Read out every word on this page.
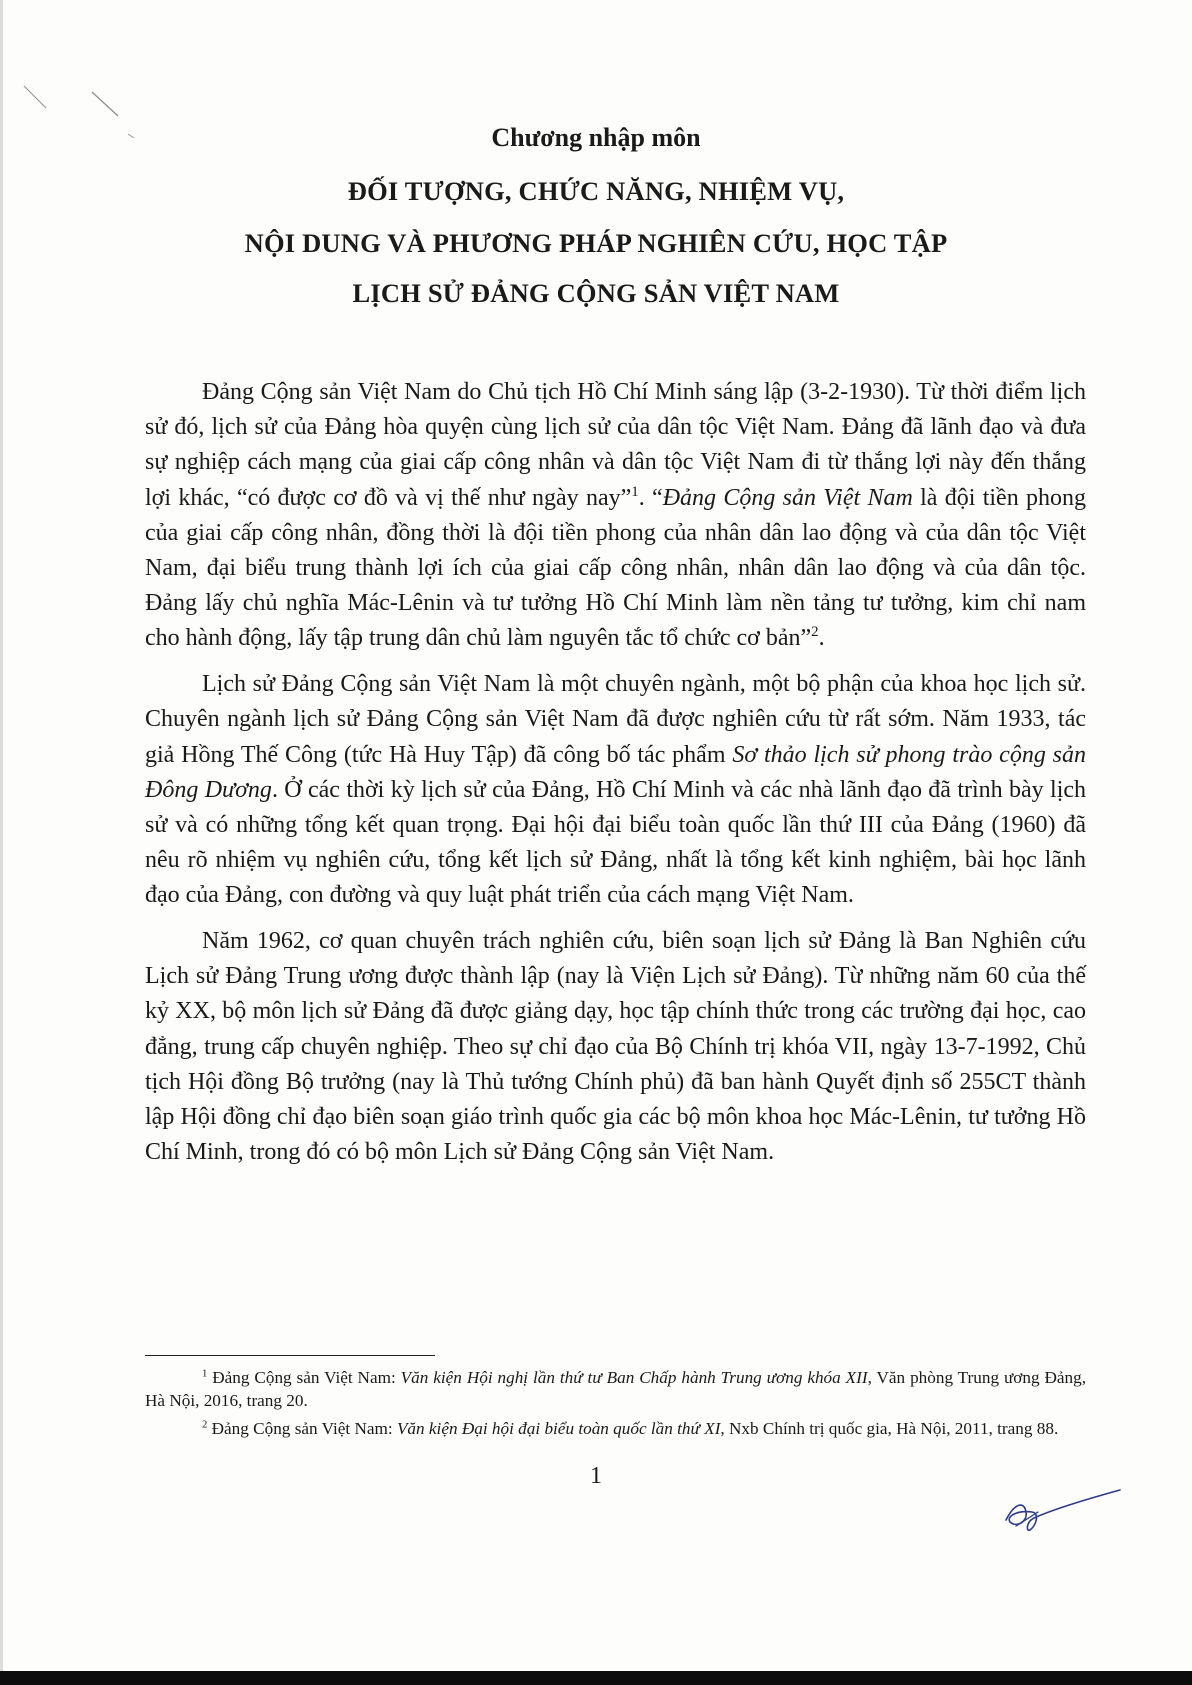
Chương nhập môn
ĐỐI TƯỢNG, CHỨC NĂNG, NHIỆM VỤ,
NỘI DUNG VÀ PHƯƠNG PHÁP NGHIÊN CỨU, HỌC TẬP
LỊCH SỬ ĐẢNG CỘNG SẢN VIỆT NAM

Đảng Cộng sản Việt Nam do Chủ tịch Hồ Chí Minh sáng lập (3-2-1930). Từ thời điểm lịch sử đó, lịch sử của Đảng hòa quyện cùng lịch sử của dân tộc Việt Nam. Đảng đã lãnh đạo và đưa sự nghiệp cách mạng của giai cấp công nhân và dân tộc Việt Nam đi từ thắng lợi này đến thắng lợi khác, “có được cơ đồ và vị thế như ngày nay”$^1$. “Đảng Cộng sản Việt Nam là đội tiền phong của giai cấp công nhân, đồng thời là đội tiền phong của nhân dân lao động và của dân tộc Việt Nam, đại biểu trung thành lợi ích của giai cấp công nhân, nhân dân lao động và của dân tộc. Đảng lấy chủ nghĩa Mác-Lênin và tư tưởng Hồ Chí Minh làm nền tảng tư tưởng, kim chỉ nam cho hành động, lấy tập trung dân chủ làm nguyên tắc tổ chức cơ bản”$^2$.

Lịch sử Đảng Cộng sản Việt Nam là một chuyên ngành, một bộ phận của khoa học lịch sử. Chuyên ngành lịch sử Đảng Cộng sản Việt Nam đã được nghiên cứu từ rất sớm. Năm 1933, tác giả Hồng Thế Công (tức Hà Huy Tập) đã công bố tác phẩm Sơ thảo lịch sử phong trào cộng sản Đông Dương. Ở các thời kỳ lịch sử của Đảng, Hồ Chí Minh và các nhà lãnh đạo đã trình bày lịch sử và có những tổng kết quan trọng. Đại hội đại biểu toàn quốc lần thứ III của Đảng (1960) đã nêu rõ nhiệm vụ nghiên cứu, tổng kết lịch sử Đảng, nhất là tổng kết kinh nghiệm, bài học lãnh đạo của Đảng, con đường và quy luật phát triển của cách mạng Việt Nam.

Năm 1962, cơ quan chuyên trách nghiên cứu, biên soạn lịch sử Đảng là Ban Nghiên cứu Lịch sử Đảng Trung ương được thành lập (nay là Viện Lịch sử Đảng). Từ những năm 60 của thế kỷ XX, bộ môn lịch sử Đảng đã được giảng dạy, học tập chính thức trong các trường đại học, cao đẳng, trung cấp chuyên nghiệp. Theo sự chỉ đạo của Bộ Chính trị khóa VII, ngày 13-7-1992, Chủ tịch Hội đồng Bộ trưởng (nay là Thủ tướng Chính phủ) đã ban hành Quyết định số 255CT thành lập Hội đồng chỉ đạo biên soạn giáo trình quốc gia các bộ môn khoa học Mác-Lênin, tư tưởng Hồ Chí Minh, trong đó có bộ môn Lịch sử Đảng Cộng sản Việt Nam.

$^1$ Đảng Cộng sản Việt Nam: Văn kiện Hội nghị lần thứ tư Ban Chấp hành Trung ương khóa XII, Văn phòng Trung ương Đảng, Hà Nội, 2016, trang 20.

$^2$ Đảng Cộng sản Việt Nam: Văn kiện Đại hội đại biểu toàn quốc lần thứ XI, Nxb Chính trị quốc gia, Hà Nội, 2011, trang 88.

1
